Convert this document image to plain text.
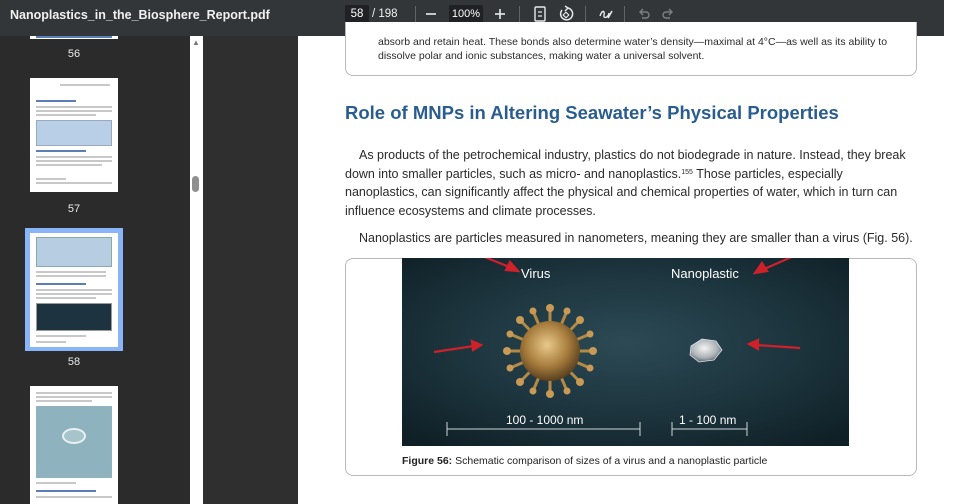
Nanoplastics_in_the_Biosphere_Report.pdf	58 / 198	100%
56
57
58
▲	absorb and retain heat. These bonds also determine water’s density—maximal at 4°C—as well as its ability to dissolve polar and ionic substances, making water a universal solvent.
Role of MNPs in Altering Seawater’s Physical Properties
As products of the petrochemical industry, plastics do not biodegrade in nature. Instead, they break down into smaller particles, such as micro- and nanoplastics.$^{155}$ Those particles, especially nanoplastics, can significantly affect the physical and chemical properties of water, which in turn can influence ecosystems and climate processes.
Nanoplastics are particles measured in nanometers, meaning they are smaller than a virus (Fig. 56).
Virus	Nanoplastic
100 - 1000 nm	1 - 100 nm
Figure 56: Schematic comparison of sizes of a virus and a nanoplastic particle
